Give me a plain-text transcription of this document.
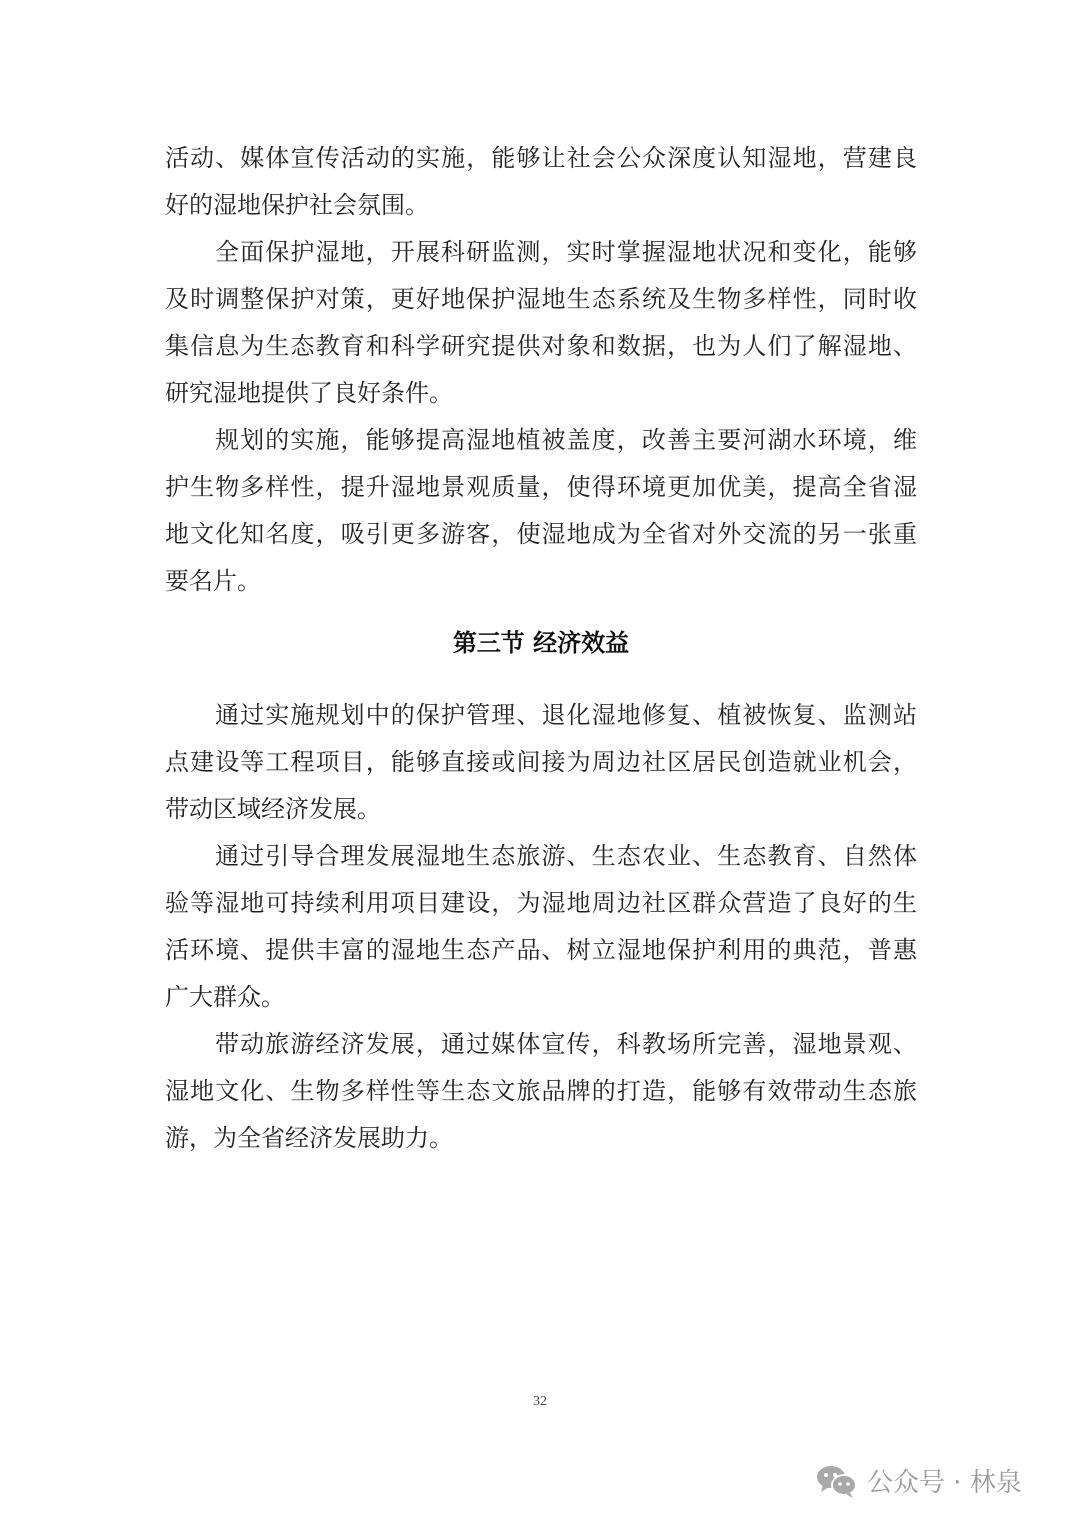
活动、媒体宣传活动的实施，能够让社会公众深度认知湿地，营建良
好的湿地保护社会氛围。
全面保护湿地，开展科研监测，实时掌握湿地状况和变化，能够
及时调整保护对策，更好地保护湿地生态系统及生物多样性，同时收
集信息为生态教育和科学研究提供对象和数据，也为人们了解湿地、
研究湿地提供了良好条件。
规划的实施，能够提高湿地植被盖度，改善主要河湖水环境，维
护生物多样性，提升湿地景观质量，使得环境更加优美，提高全省湿
地文化知名度，吸引更多游客，使湿地成为全省对外交流的另一张重
要名片。
第三节 经济效益
通过实施规划中的保护管理、退化湿地修复、植被恢复、监测站
点建设等工程项目，能够直接或间接为周边社区居民创造就业机会，
带动区域经济发展。
通过引导合理发展湿地生态旅游、生态农业、生态教育、自然体
验等湿地可持续利用项目建设，为湿地周边社区群众营造了良好的生
活环境、提供丰富的湿地生态产品、树立湿地保护利用的典范，普惠
广大群众。
带动旅游经济发展，通过媒体宣传，科教场所完善，湿地景观、
湿地文化、生物多样性等生态文旅品牌的打造，能够有效带动生态旅
游，为全省经济发展助力。
32
公众号 · 林泉
